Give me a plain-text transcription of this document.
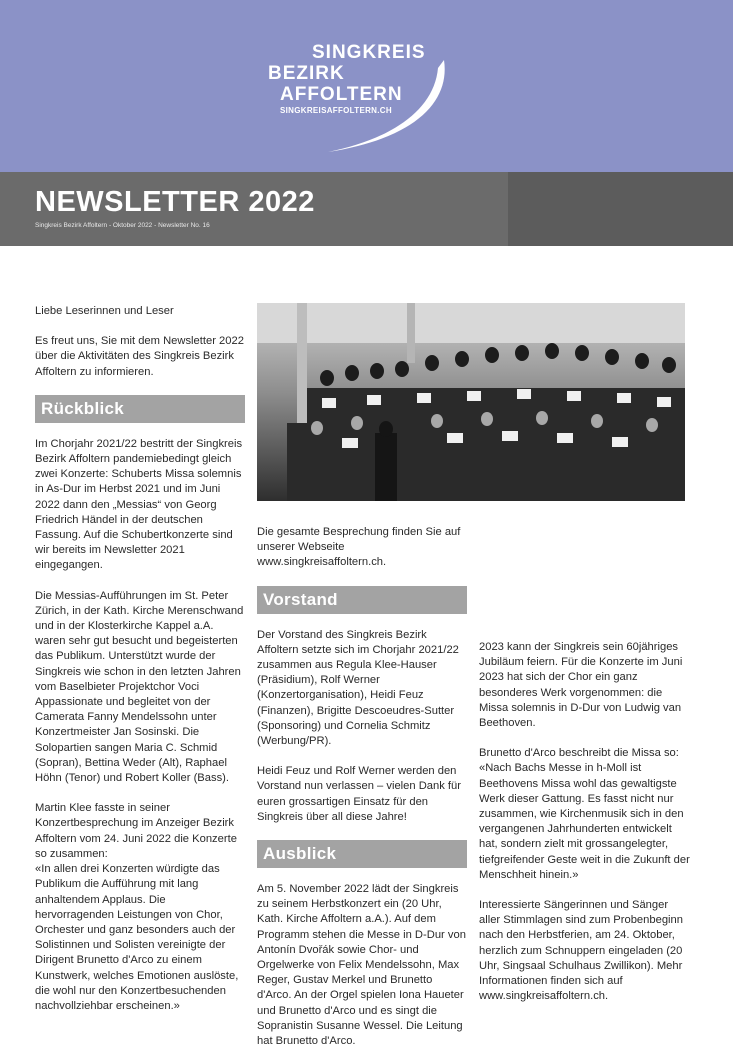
SINGKREIS
BEZIRK
AFFOLTERN
SINGKREISAFFOLTERN.CH
NEWSLETTER 2022
Singkreis Bezirk Affoltern - Oktober 2022 - Newsletter No. 16

Liebe Leserinnen und Leser

Es freut uns, Sie mit dem Newsletter 2022 über die Aktivitäten des Singkreis Bezirk Affoltern zu informieren.

Rückblick

Im Chorjahr 2021/22 bestritt der Singkreis Bezirk Affoltern pandemiebedingt gleich zwei Konzerte: Schuberts Missa solemnis in As-Dur im Herbst 2021 und im Juni 2022 dann den „Messias“ von Georg Friedrich Händel in der deutschen Fassung. Auf die Schubertkonzerte sind wir bereits im Newsletter 2021 eingegangen.

Die Messias-Aufführungen im St. Peter Zürich, in der Kath. Kirche Merenschwand und in der Klosterkirche Kappel a.A. waren sehr gut besucht und begeisterten das Publikum. Unterstützt wurde der Singkreis wie schon in den letzten Jahren vom Baselbieter Projektchor Voci Appassionate und begleitet von der Camerata Fanny Mendelssohn unter Konzertmeister Jan Sosinski. Die Solopartien sangen Maria C. Schmid (Sopran), Bettina Weder (Alt), Raphael Höhn (Tenor) und Robert Koller (Bass).

Martin Klee fasste in seiner Konzertbesprechung im Anzeiger Bezirk Affoltern vom 24. Juni 2022 die Konzerte so zusammen:

«In allen drei Konzerten würdigte das Publikum die Aufführung mit lang anhaltendem Applaus. Die hervorragenden Leistungen von Chor, Orchester und ganz besonders auch der Solistinnen und Solisten vereinigte der Dirigent Brunetto d'Arco zu einem Kunstwerk, welches Emotionen auslöste, die wohl nur den Konzertbesuchenden nachvollziehbar erscheinen.»

Die gesamte Besprechung finden Sie auf unserer Webseite www.singkreisaffoltern.ch.

Vorstand

Der Vorstand des Singkreis Bezirk Affoltern setzte sich im Chorjahr 2021/22 zusammen aus Regula Klee-Hauser (Präsidium), Rolf Werner (Konzertorganisation), Heidi Feuz (Finanzen), Brigitte Descoeudres-Sutter (Sponsoring) und Cornelia Schmitz (Werbung/PR).

Heidi Feuz und Rolf Werner werden den Vorstand nun verlassen – vielen Dank für euren grossartigen Einsatz für den Singkreis über all diese Jahre!

Ausblick

Am 5. November 2022 lädt der Singkreis zu seinem Herbstkonzert ein (20 Uhr, Kath. Kirche Affoltern a.A.). Auf dem Programm stehen die Messe in D-Dur von Antonín Dvořák sowie Chor- und Orgelwerke von Felix Mendelssohn, Max Reger, Gustav Merkel und Brunetto d'Arco. An der Orgel spielen Iona Haueter und Brunetto d'Arco und es singt die Sopranistin Susanne Wessel. Die Leitung hat Brunetto d'Arco.

2023 kann der Singkreis sein 60jähriges Jubiläum feiern. Für die Konzerte im Juni 2023 hat sich der Chor ein ganz besonderes Werk vorgenommen: die Missa solemnis in D-Dur von Ludwig van Beethoven.

Brunetto d'Arco beschreibt die Missa so: «Nach Bachs Messe in h-Moll ist Beethovens Missa wohl das gewaltigste Werk dieser Gattung. Es fasst nicht nur zusammen, wie Kirchenmusik sich in den vergangenen Jahrhunderten entwickelt hat, sondern zielt mit grossangelegter, tiefgreifender Geste weit in die Zukunft der Menschheit hinein.»

Interessierte Sängerinnen und Sänger aller Stimmlagen sind zum Probenbeginn nach den Herbstferien, am 24. Oktober, herzlich zum Schnuppern eingeladen (20 Uhr, Singsaal Schulhaus Zwillikon). Mehr Informationen finden sich auf www.singkreisaffoltern.ch.
